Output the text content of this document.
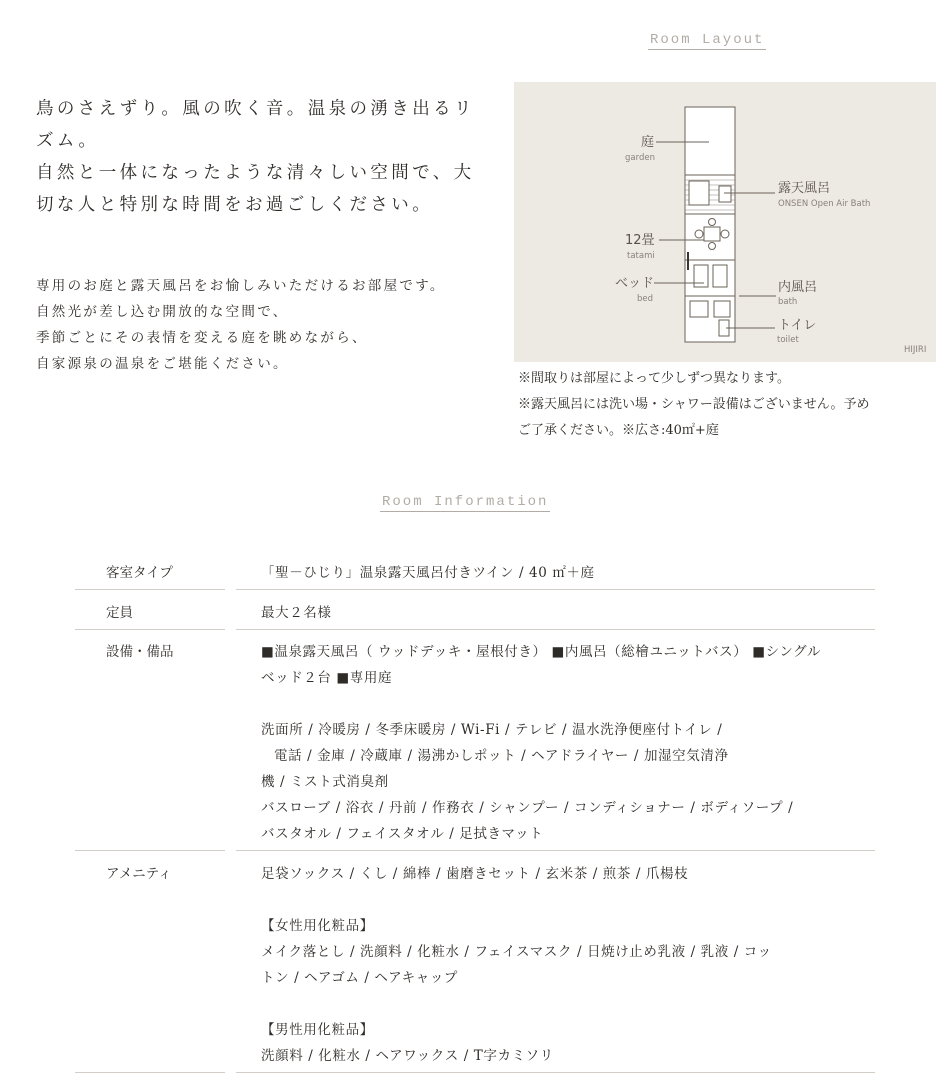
Room Layout
鳥のさえずり。風の吹く音。温泉の湧き出るリ
ズム。
自然と一体になったような清々しい空間で、大
切な人と特別な時間をお過ごしください。
専用のお庭と露天風呂をお愉しみいただけるお部屋です。
自然光が差し込む開放的な空間で、
季節ごとにその表情を変える庭を眺めながら、
自家源泉の温泉をご堪能ください。
庭
garden
露天風呂
ONSEN Open Air Bath
12畳
tatami
ベッド
bed
内風呂
bath
トイレ
toilet
HIJIRI
※間取りは部屋によって少しずつ異なります。
※露天風呂には洗い場・シャワー設備はございません。予め
ご了承ください。※広さ:40㎡+庭
Room Information
客室タイプ	「聖－ひじり」温泉露天風呂付きツイン / 40 ㎡＋庭
定員	最大２名様
設備・備品	■温泉露天風呂（ ウッドデッキ・屋根付き） ■内風呂（総檜ユニットバス） ■シングル
ベッド２台 ■専用庭
洗面所 / 冷暖房 / 冬季床暖房 / Wi-Fi / テレビ / 温水洗浄便座付トイレ /
電話 / 金庫 / 冷蔵庫 / 湯沸かしポット / ヘアドライヤー / 加湿空気清浄
機 / ミスト式消臭剤
バスローブ / 浴衣 / 丹前 / 作務衣 / シャンプー / コンディショナー / ボディソープ /
バスタオル / フェイスタオル / 足拭きマット
アメニティ	足袋ソックス / くし / 綿棒 / 歯磨きセット / 玄米茶 / 煎茶 / 爪楊枝
【女性用化粧品】
メイク落とし / 洗顔料 / 化粧水 / フェイスマスク / 日焼け止め乳液 / 乳液 / コッ
トン / ヘアゴム / ヘアキャップ
【男性用化粧品】
洗顔料 / 化粧水 / ヘアワックス / T字カミソリ
